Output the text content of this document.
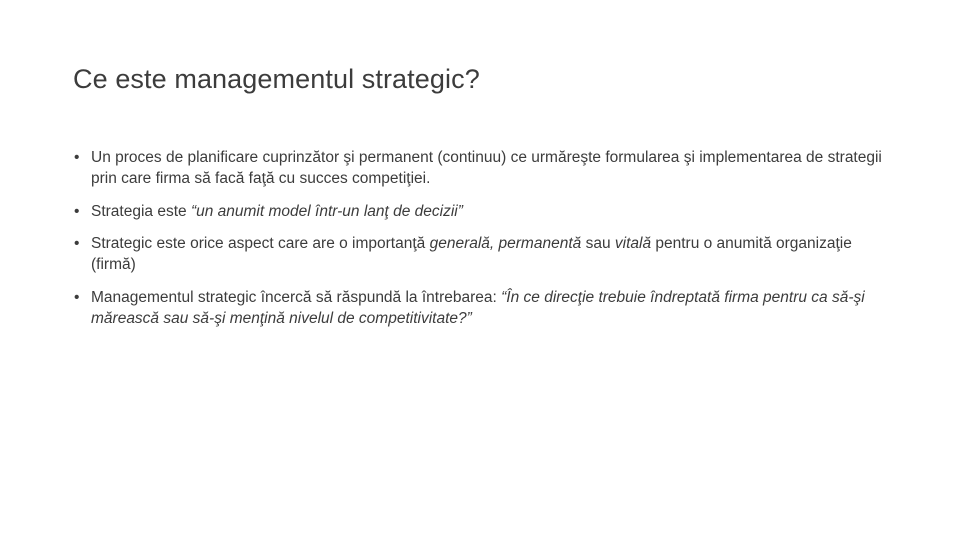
Ce este managementul strategic?
• Un proces de planificare cuprinzător şi permanent (continuu) ce urmăreşte formularea şi implementarea de strategii prin care firma să facă faţă cu succes competiţiei.
• Strategia este “un anumit model într-un lanţ de decizii”
• Strategic este orice aspect care are o importanţă generală, permanentă sau vitală pentru o anumită organizaţie (firmă)
• Managementul strategic încercă să răspundă la întrebarea: “În ce direcţie trebuie îndreptată firma pentru ca să-şi mărească sau să-şi menţină nivelul de competitivitate?”
